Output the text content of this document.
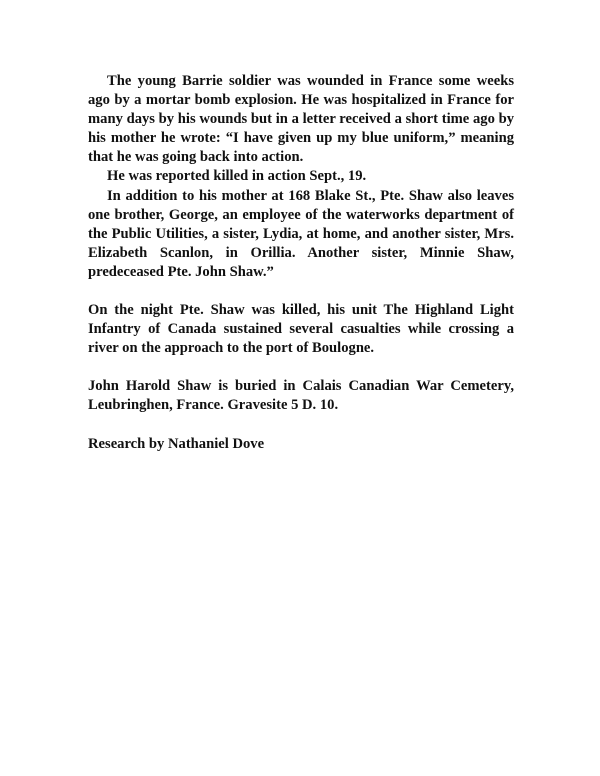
The young Barrie soldier was wounded in France some weeks ago by a mortar bomb explosion. He was hospitalized in France for many days by his wounds but in a letter received a short time ago by his mother he wrote: “I have given up my blue uniform,” meaning that he was going back into action.

He was reported killed in action Sept., 19.

In addition to his mother at 168 Blake St., Pte. Shaw also leaves one brother, George, an employee of the waterworks department of the Public Utilities, a sister, Lydia, at home, and another sister, Mrs. Elizabeth Scanlon, in Orillia. Another sister, Minnie Shaw, predeceased Pte. John Shaw.”

On the night Pte. Shaw was killed, his unit The Highland Light Infantry of Canada sustained several casualties while crossing a river on the approach to the port of Boulogne.

John Harold Shaw is buried in Calais Canadian War Cemetery, Leubringhen, France. Gravesite 5 D. 10.

Research by Nathaniel Dove
